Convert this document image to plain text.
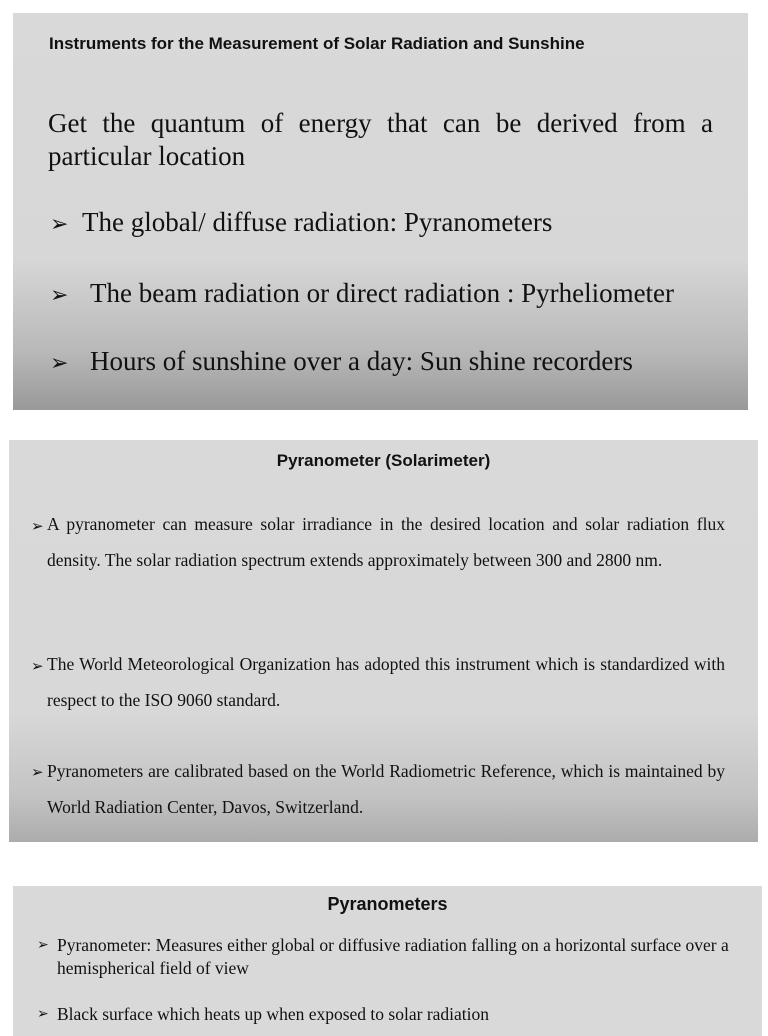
Instruments for the Measurement of Solar Radiation and Sunshine
Get the quantum of energy that can be derived from a particular location
➢ The global/ diffuse radiation: Pyranometers
➢ The beam radiation or direct radiation : Pyrheliometer
➢ Hours of sunshine over a day: Sun shine recorders
Pyranometer (Solarimeter)
➢ A pyranometer can measure solar irradiance in the desired location and solar radiation flux density. The solar radiation spectrum extends approximately between 300 and 2800 nm.
➢ The World Meteorological Organization has adopted this instrument which is standardized with respect to the ISO 9060 standard.
➢ Pyranometers are calibrated based on the World Radiometric Reference, which is maintained by World Radiation Center, Davos, Switzerland.
Pyranometers
➢ Pyranometer: Measures either global or diffusive radiation falling on a horizontal surface over a hemispherical field of view
➢ Black surface which heats up when exposed to solar radiation
